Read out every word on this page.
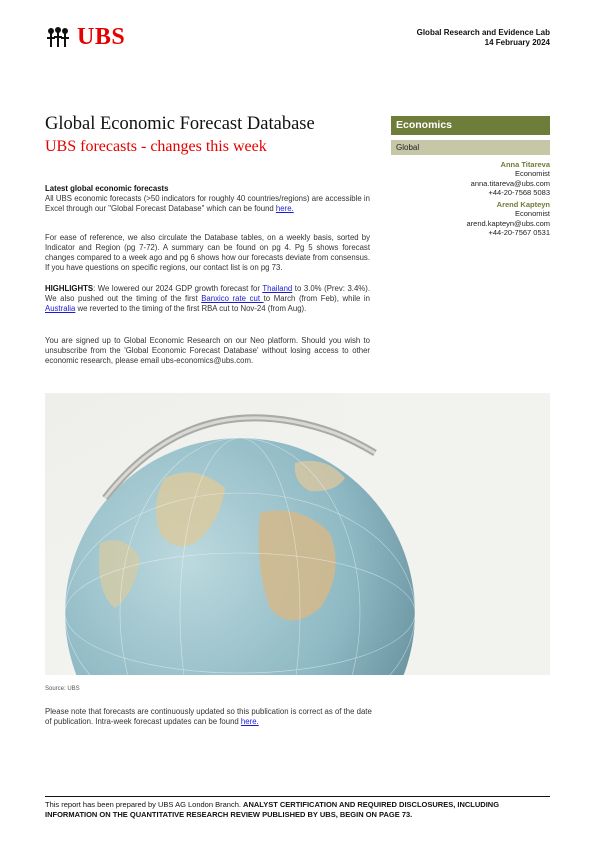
UBS	Global Research and Evidence Lab
14 February 2024
Global Economic Forecast Database
UBS forecasts - changes this week
Economics
Global
Anna Titareva
Economist
anna.titareva@ubs.com
+44-20-7568 5083
Arend Kapteyn
Economist
arend.kapteyn@ubs.com
+44-20-7567 0531
Latest global economic forecasts

All UBS economic forecasts (>50 indicators for roughly 40 countries/regions) are accessible in Excel through our "Global Forecast Database" which can be found here.

For ease of reference, we also circulate the Database tables, on a weekly basis, sorted by Indicator and Region (pg 7-72). A summary can be found on pg 4. Pg 5 shows forecast changes compared to a week ago and pg 6 shows how our forecasts deviate from consensus. If you have questions on specific regions, our contact list is on pg 73.

HIGHLIGHTS: We lowered our 2024 GDP growth forecast for Thailand to 3.0% (Prev: 3.4%). We also pushed out the timing of the first Banxico rate cut to March (from Feb), while in Australia we reverted to the timing of the first RBA cut to Nov-24 (from Aug).

You are signed up to Global Economic Research on our Neo platform. Should you wish to unsubscribe from the 'Global Economic Forecast Database' without losing access to other economic research, please email ubs-economics@ubs.com.

Source: UBS
Please note that forecasts are continuously updated so this publication is correct as of the date of publication. Intra-week forecast updates can be found here.
This report has been prepared by UBS AG London Branch. ANALYST CERTIFICATION AND REQUIRED DISCLOSURES, INCLUDING INFORMATION ON THE QUANTITATIVE RESEARCH REVIEW PUBLISHED BY UBS, BEGIN ON PAGE 73.
